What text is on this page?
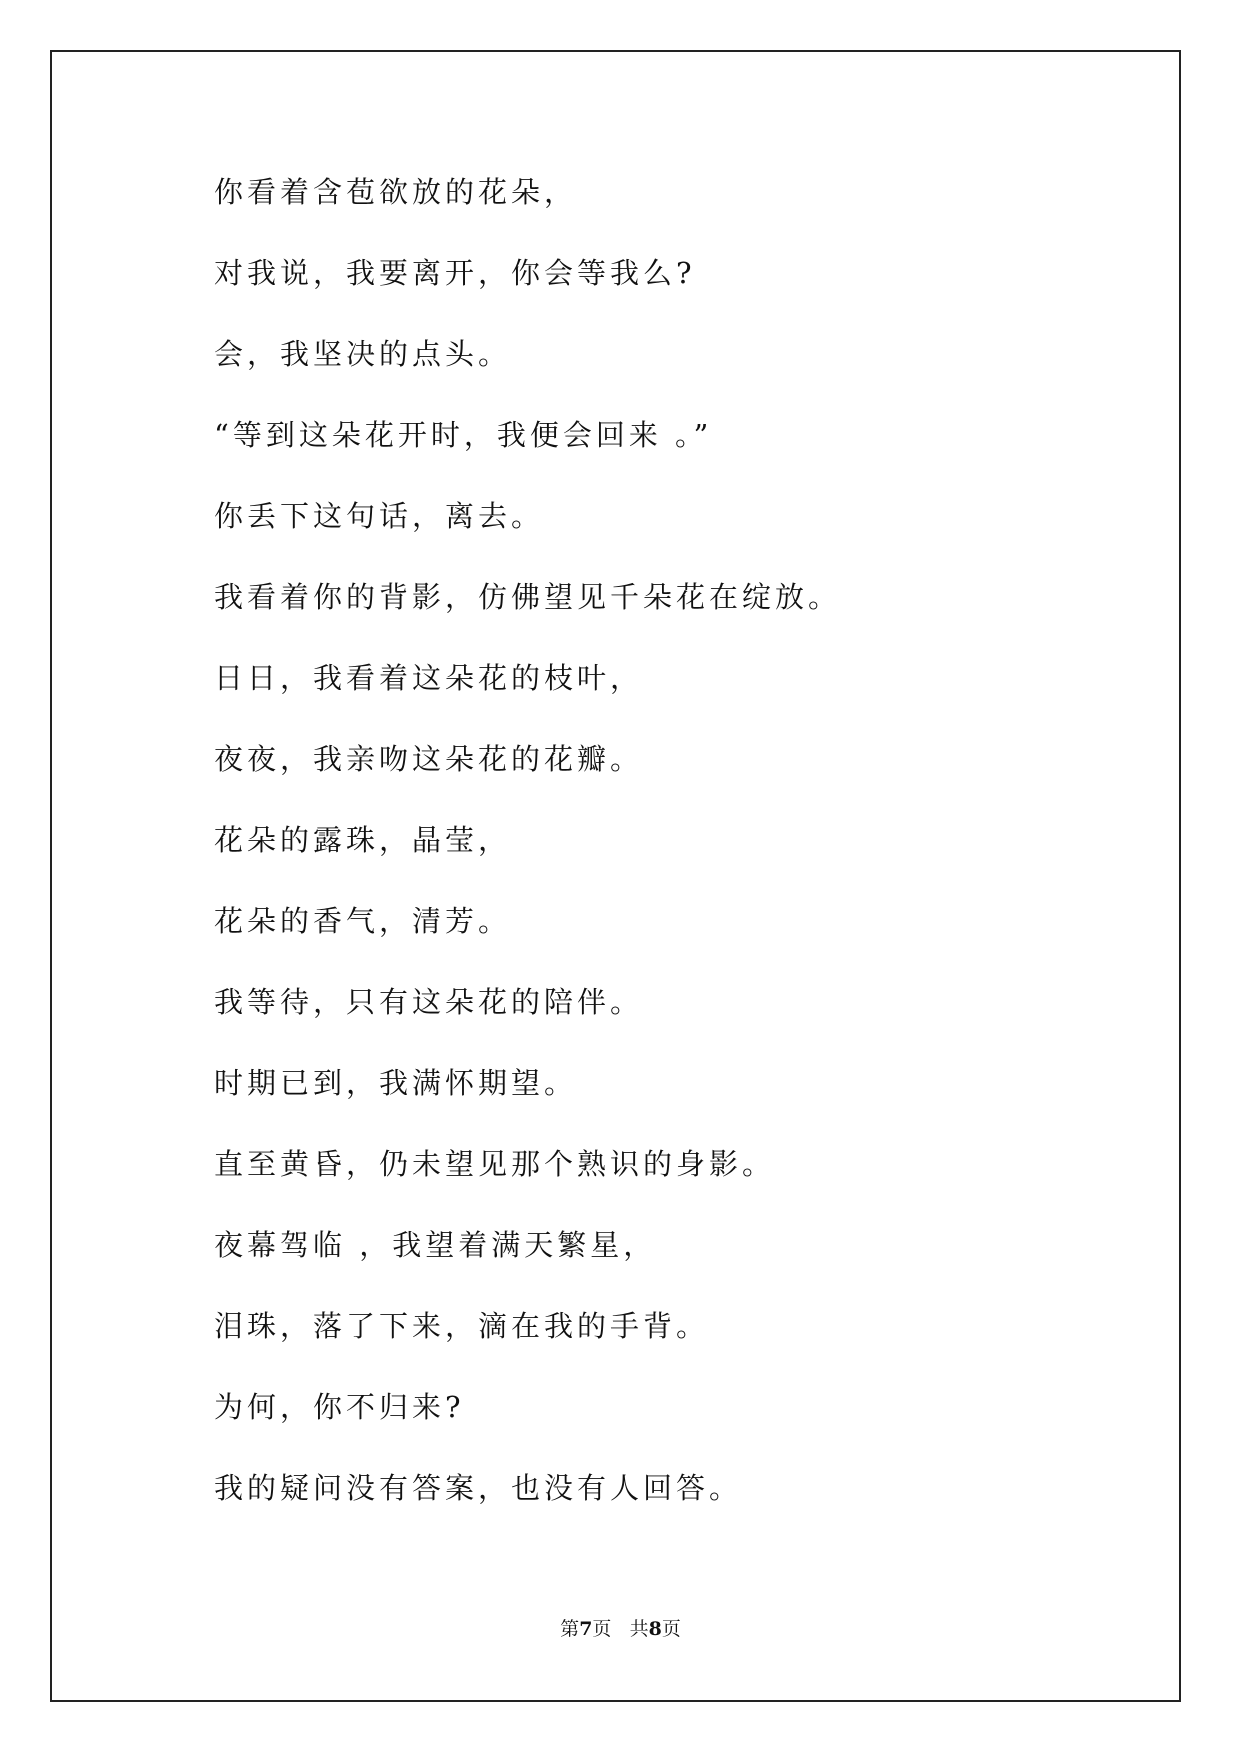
你看着含苞欲放的花朵，
对我说，我要离开，你会等我么?
会，我坚决的点头。
“等到这朵花开时，我便会回来 。”
你丢下这句话，离去。
我看着你的背影，仿佛望见千朵花在绽放。
日日，我看着这朵花的枝叶，
夜夜，我亲吻这朵花的花瓣。
花朵的露珠，晶莹，
花朵的香气，清芳。
我等待，只有这朵花的陪伴。
时期已到，我满怀期望。
直至黄昏，仍未望见那个熟识的身影。
夜幕驾临 ，我望着满天繁星，
泪珠，落了下来，滴在我的手背。
为何，你不归来?
我的疑问没有答案，也没有人回答。
第7页 共8页
